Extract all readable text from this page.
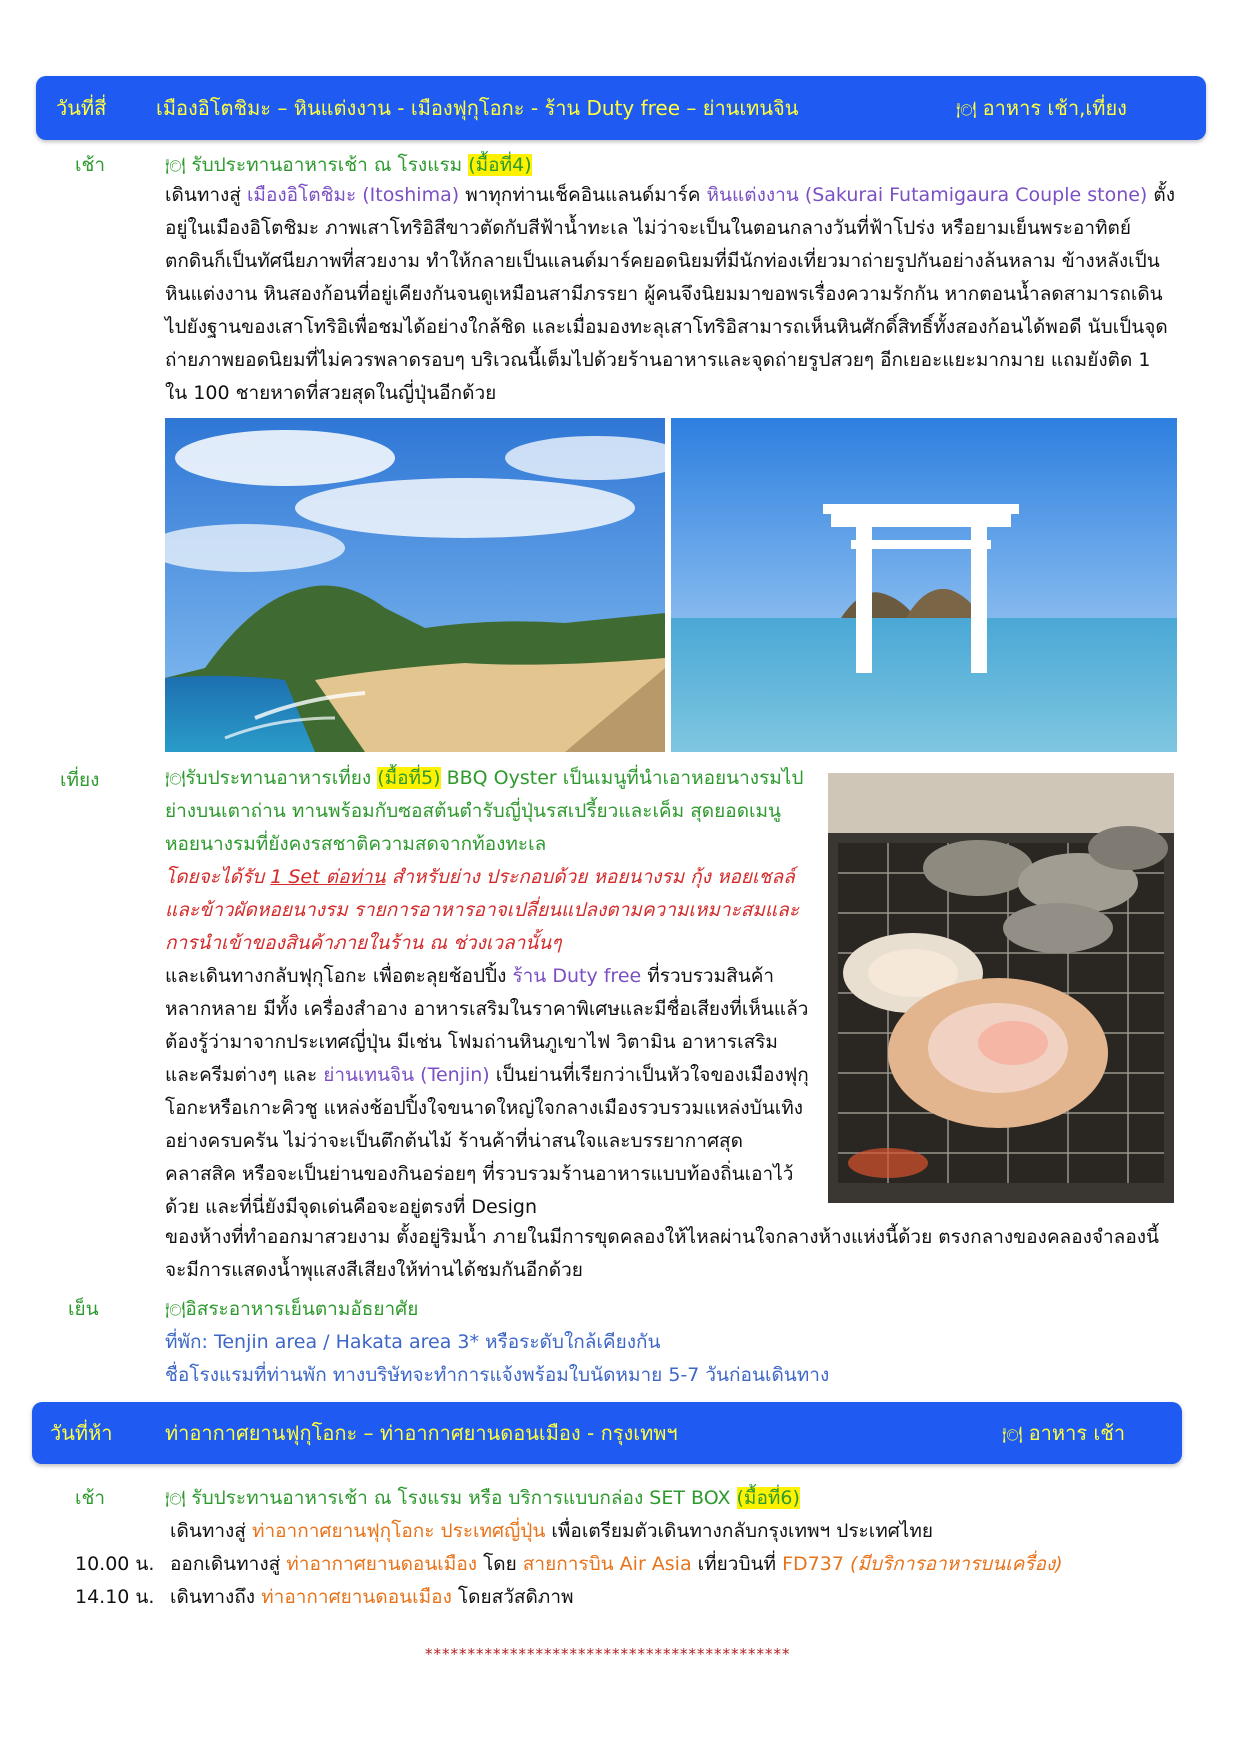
วันที่สี่ เมืองอิโตชิมะ – หินแต่งงาน - เมืองฟุกุโอกะ - ร้าน Duty free – ย่านเทนจิน	🍽 อาหาร เช้า,เที่ยง
เช้า	🍽 รับประทานอาหารเช้า ณ โรงแรม (มื้อที่4)

เดินทางสู่ เมืองอิโตชิมะ (Itoshima) พาทุกท่านเช็คอินแลนด์มาร์ค หินแต่งงาน (Sakurai Futamigaura Couple stone) ตั้งอยู่ในเมืองอิโตชิมะ ภาพเสาโทริอิสีขาวตัดกับสีฟ้าน้ำทะเล ไม่ว่าจะเป็นในตอนกลางวันที่ฟ้าโปร่ง หรือยามเย็นพระอาทิตย์ตกดินก็เป็นทัศนียภาพที่สวยงาม ทำให้กลายเป็นแลนด์มาร์คยอดนิยมที่มีนักท่องเที่ยวมาถ่ายรูปกันอย่างล้นหลาม ข้างหลังเป็นหินแต่งงาน หินสองก้อนที่อยู่เคียงกันจนดูเหมือนสามีภรรยา ผู้คนจึงนิยมมาขอพรเรื่องความรักกัน หากตอนน้ำลดสามารถเดินไปยังฐานของเสาโทริอิเพื่อชมได้อย่างใกล้ชิด และเมื่อมองทะลุเสาโทริอิสามารถเห็นหินศักดิ์สิทธิ์ทั้งสองก้อนได้พอดี นับเป็นจุดถ่ายภาพยอดนิยมที่ไม่ควรพลาดรอบๆ บริเวณนี้เต็มไปด้วยร้านอาหารและจุดถ่ายรูปสวยๆ อีกเยอะแยะมากมาย แถมยังติด 1 ใน 100 ชายหาดที่สวยสุดในญี่ปุ่นอีกด้วย

เที่ยง	🍽รับประทานอาหารเที่ยง (มื้อที่5) BBQ Oyster เป็นเมนูที่นำเอาหอยนางรมไปย่างบนเตาถ่าน ทานพร้อมกับซอสต้นตำรับญี่ปุ่นรสเปรี้ยวและเค็ม สุดยอดเมนูหอยนางรมที่ยังคงรสชาติความสดจากท้องทะเล

โดยจะได้รับ 1 Set ต่อท่าน สำหรับย่าง ประกอบด้วย หอยนางรม กุ้ง หอยเชลล์ และข้าวผัดหอยนางรม รายการอาหารอาจเปลี่ยนแปลงตามความเหมาะสมและการนำเข้าของสินค้าภายในร้าน ณ ช่วงเวลานั้นๆ

และเดินทางกลับฟุกุโอกะ เพื่อตะลุยช้อปปิ้ง ร้าน Duty free ที่รวบรวมสินค้าหลากหลาย มีทั้ง เครื่องสำอาง อาหารเสริมในราคาพิเศษและมีชื่อเสียงที่เห็นแล้วต้องรู้ว่ามาจากประเทศญี่ปุ่น มีเช่น โฟมถ่านหินภูเขาไฟ วิตามิน อาหารเสริม และครีมต่างๆ และ ย่านเทนจิน (Tenjin) เป็นย่านที่เรียกว่าเป็นหัวใจของเมืองฟุกุโอกะหรือเกาะคิวชู แหล่งช้อปปิ้งใจขนาดใหญ่ใจกลางเมืองรวบรวมแหล่งบันเทิงอย่างครบครัน ไม่ว่าจะเป็นตึกต้นไม้ ร้านค้าที่น่าสนใจและบรรยากาศสุดคลาสสิค หรือจะเป็นย่านของกินอร่อยๆ ที่รวบรวมร้านอาหารแบบท้องถิ่นเอาไว้ด้วย และที่นี่ยังมีจุดเด่นคือจะอยู่ตรงที่ Design

ของห้างที่ทำออกมาสวยงาม ตั้งอยู่ริมน้ำ ภายในมีการขุดคลองให้ไหลผ่านใจกลางห้างแห่งนี้ด้วย ตรงกลางของคลองจำลองนี้จะมีการแสดงน้ำพุแสงสีเสียงให้ท่านได้ชมกันอีกด้วย

เย็น	🍽อิสระอาหารเย็นตามอัธยาศัย
ที่พัก: Tenjin area / Hakata area 3* หรือระดับใกล้เคียงกัน
ชื่อโรงแรมที่ท่านพัก ทางบริษัทจะทำการแจ้งพร้อมใบนัดหมาย 5-7 วันก่อนเดินทาง
วันที่ห้า	ท่าอากาศยานฟุกุโอกะ – ท่าอากาศยานดอนเมือง - กรุงเทพฯ	🍽 อาหาร เช้า
เช้า	🍽 รับประทานอาหารเช้า ณ โรงแรม หรือ บริการแบบกล่อง SET BOX (มื้อที่6)
เดินทางสู่ ท่าอากาศยานฟุกุโอกะ ประเทศญี่ปุ่น เพื่อเตรียมตัวเดินทางกลับกรุงเทพฯ ประเทศไทย
10.00 น. ออกเดินทางสู่ ท่าอากาศยานดอนเมือง โดย สายการบิน Air Asia เที่ยวบินที่ FD737 (มีบริการอาหารบนเครื่อง)
14.10 น. เดินทางถึง ท่าอากาศยานดอนเมือง โดยสวัสดิภาพ
*******************************************
